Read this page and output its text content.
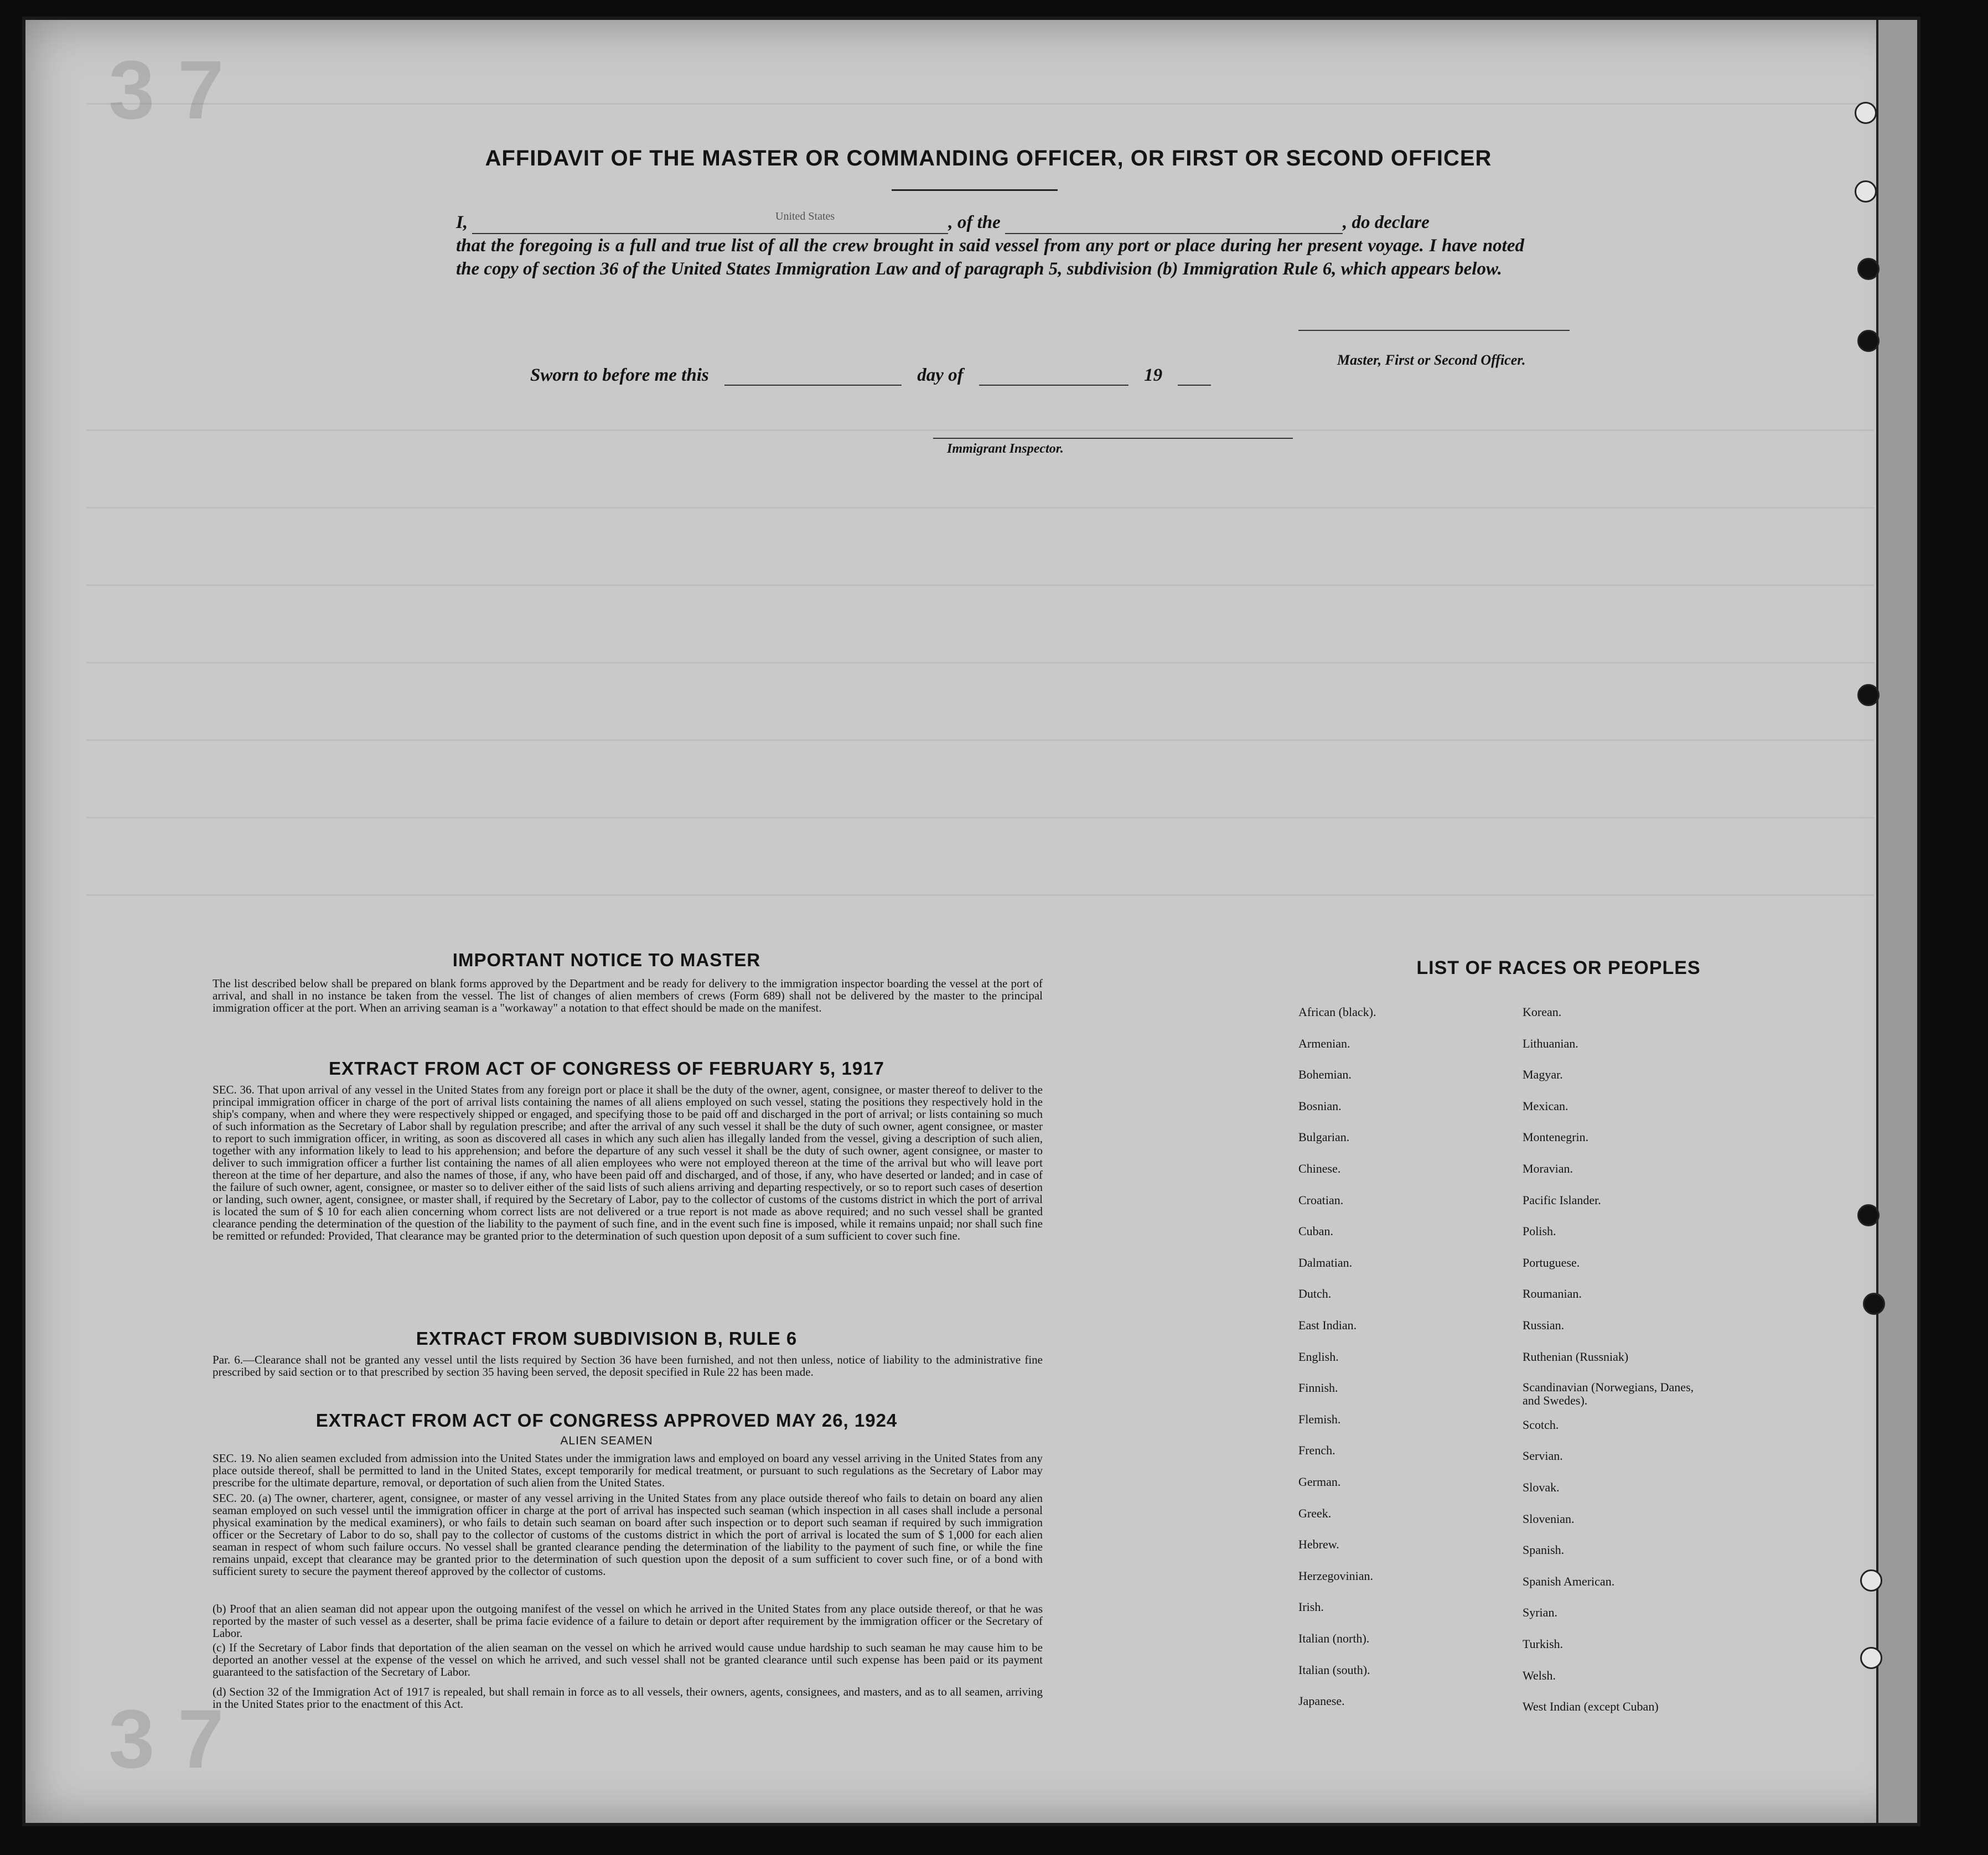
3 7
3 7
AFFIDAVIT OF THE MASTER OR COMMANDING OFFICER, OR FIRST OR SECOND OFFICER
I,	, of the	, do declare
that the foregoing is a full and true list of all the crew brought in said vessel from any port or place during her present voyage. I have noted the copy of section 36 of the United States Immigration Law and of paragraph 5, subdivision (b) Immigration Rule 6, which appears below.
United States
Master, First or Second Officer.
Sworn to before me this	day of	19
Immigrant Inspector.
IMPORTANT NOTICE TO MASTER
The list described below shall be prepared on blank forms approved by the Department and be ready for delivery to the immigration inspector boarding the vessel at the port of arrival, and shall in no instance be taken from the vessel. The list of changes of alien members of crews (Form 689) shall not be delivered by the master to the principal immigration officer at the port. When an arriving seaman is a "workaway" a notation to that effect should be made on the manifest.
EXTRACT FROM ACT OF CONGRESS OF FEBRUARY 5, 1917
SEC. 36. That upon arrival of any vessel in the United States from any foreign port or place it shall be the duty of the owner, agent, consignee, or master thereof to deliver to the principal immigration officer in charge of the port of arrival lists containing the names of all aliens employed on such vessel, stating the positions they respectively hold in the ship's company, when and where they were respectively shipped or engaged, and specifying those to be paid off and discharged in the port of arrival; or lists containing so much of such information as the Secretary of Labor shall by regulation prescribe; and after the arrival of any such vessel it shall be the duty of such owner, agent consignee, or master to report to such immigration officer, in writing, as soon as discovered all cases in which any such alien has illegally landed from the vessel, giving a description of such alien, together with any information likely to lead to his apprehension; and before the departure of any such vessel it shall be the duty of such owner, agent consignee, or master to deliver to such immigration officer a further list containing the names of all alien employees who were not employed thereon at the time of the arrival but who will leave port thereon at the time of her departure, and also the names of those, if any, who have been paid off and discharged, and of those, if any, who have deserted or landed; and in case of the failure of such owner, agent, consignee, or master so to deliver either of the said lists of such aliens arriving and departing respectively, or so to report such cases of desertion or landing, such owner, agent, consignee, or master shall, if required by the Secretary of Labor, pay to the collector of customs of the customs district in which the port of arrival is located the sum of $ 10 for each alien concerning whom correct lists are not delivered or a true report is not made as above required; and no such vessel shall be granted clearance pending the determination of the question of the liability to the payment of such fine, and in the event such fine is imposed, while it remains unpaid; nor shall such fine be remitted or refunded: Provided, That clearance may be granted prior to the determination of such question upon deposit of a sum sufficient to cover such fine.
EXTRACT FROM SUBDIVISION B, RULE 6
Par. 6.—Clearance shall not be granted any vessel until the lists required by Section 36 have been furnished, and not then unless, notice of liability to the administrative fine prescribed by said section or to that prescribed by section 35 having been served, the deposit specified in Rule 22 has been made.
EXTRACT FROM ACT OF CONGRESS APPROVED MAY 26, 1924
ALIEN SEAMEN
SEC. 19. No alien seamen excluded from admission into the United States under the immigration laws and employed on board any vessel arriving in the United States from any place outside thereof, shall be permitted to land in the United States, except temporarily for medical treatment, or pursuant to such regulations as the Secretary of Labor may prescribe for the ultimate departure, removal, or deportation of such alien from the United States.
SEC. 20. (a) The owner, charterer, agent, consignee, or master of any vessel arriving in the United States from any place outside thereof who fails to detain on board any alien seaman employed on such vessel until the immigration officer in charge at the port of arrival has inspected such seaman (which inspection in all cases shall include a personal physical examination by the medical examiners), or who fails to detain such seaman on board after such inspection or to deport such seaman if required by such immigration officer or the Secretary of Labor to do so, shall pay to the collector of customs of the customs district in which the port of arrival is located the sum of $ 1,000 for each alien seaman in respect of whom such failure occurs. No vessel shall be granted clearance pending the determination of the liability to the payment of such fine, or while the fine remains unpaid, except that clearance may be granted prior to the determination of such question upon the deposit of a sum sufficient to cover such fine, or of a bond with sufficient surety to secure the payment thereof approved by the collector of customs.
(b) Proof that an alien seaman did not appear upon the outgoing manifest of the vessel on which he arrived in the United States from any place outside thereof, or that he was reported by the master of such vessel as a deserter, shall be prima facie evidence of a failure to detain or deport after requirement by the immigration officer or the Secretary of Labor.
(c) If the Secretary of Labor finds that deportation of the alien seaman on the vessel on which he arrived would cause undue hardship to such seaman he may cause him to be deported an another vessel at the expense of the vessel on which he arrived, and such vessel shall not be granted clearance until such expense has been paid or its payment guaranteed to the satisfaction of the Secretary of Labor.
(d) Section 32 of the Immigration Act of 1917 is repealed, but shall remain in force as to all vessels, their owners, agents, consignees, and masters, and as to all seamen, arriving in the United States prior to the enactment of this Act.
LIST OF RACES OR PEOPLES
African (black).
Armenian.
Bohemian.
Bosnian.
Bulgarian.
Chinese.
Croatian.
Cuban.
Dalmatian.
Dutch.
East Indian.
English.
Finnish.
Flemish.
French.
German.
Greek.
Hebrew.
Herzegovinian.
Irish.
Italian (north).
Italian (south).
Japanese.
Korean.
Lithuanian.
Magyar.
Mexican.
Montenegrin.
Moravian.
Pacific Islander.
Polish.
Portuguese.
Roumanian.
Russian.
Ruthenian (Russniak)
Scandinavian (Norwegians, Danes, and Swedes).
Scotch.
Servian.
Slovak.
Slovenian.
Spanish.
Spanish American.
Syrian.
Turkish.
Welsh.
West Indian (except Cuban)
